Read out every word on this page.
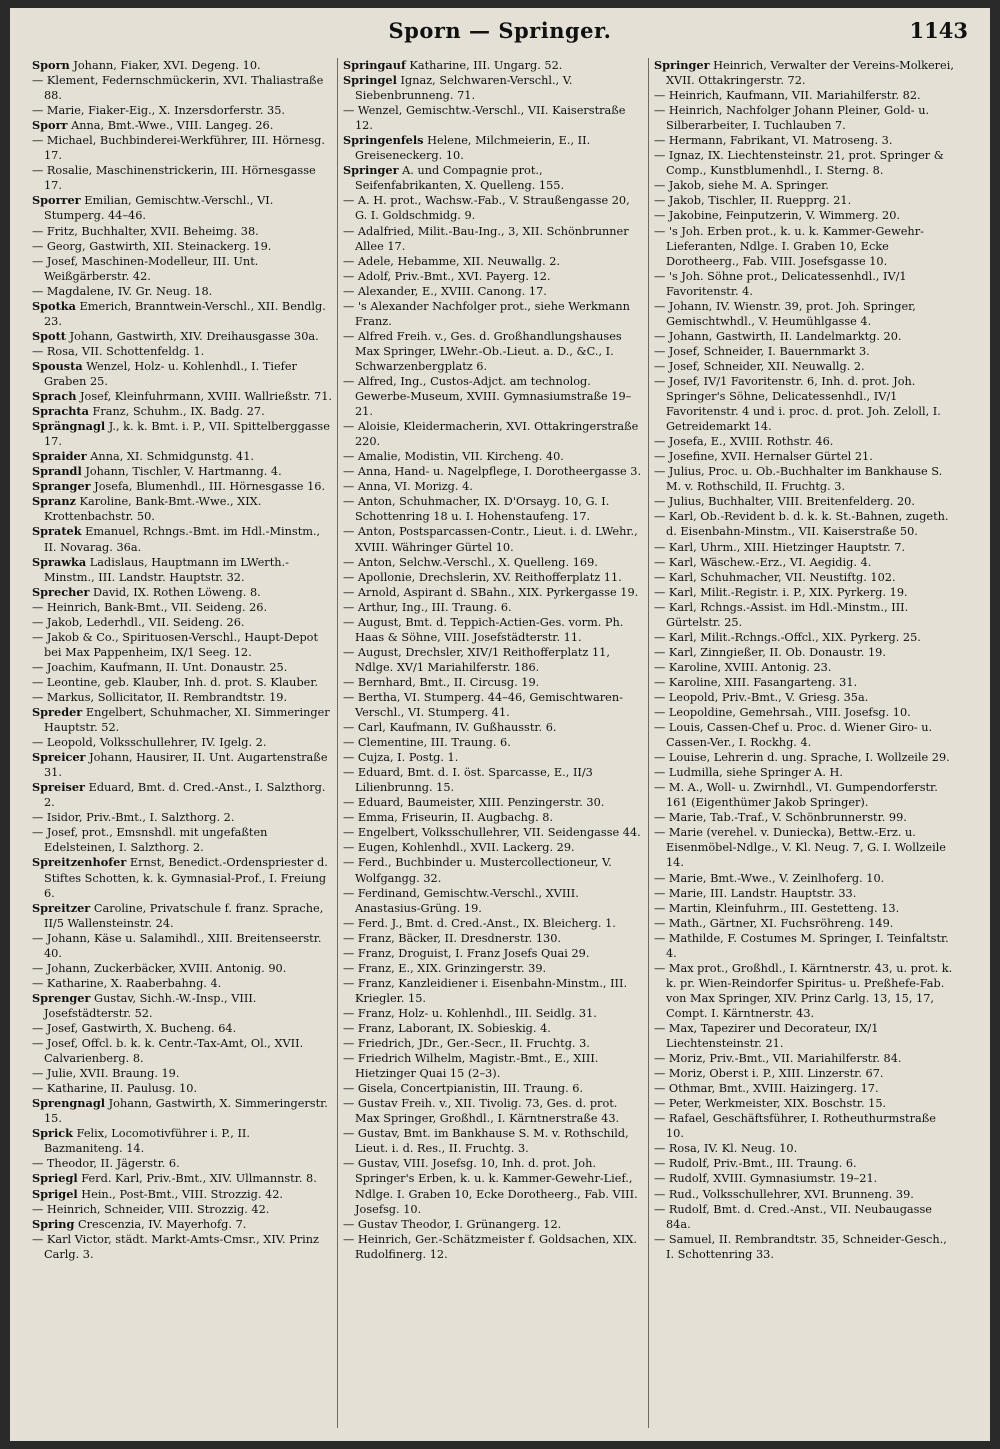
Sporn — Springer.	1143

Sporn Johann, Fiaker, XVI. Degeng. 10.

— Klement, Federnschmückerin, XVI. Thaliastraße 88.

— Marie, Fiaker-Eig., X. Inzersdorferstr. 35.

Sporr Anna, Bmt.-Wwe., VIII. Langeg. 26.

— Michael, Buchbinderei-Werkführer, III. Hörnesg. 17.

— Rosalie, Maschinenstrickerin, III. Hörnesgasse 17.

Sporrer Emilian, Gemischtw.-Verschl., VI. Stumperg. 44–46.

— Fritz, Buchhalter, XVII. Beheimg. 38.

— Georg, Gastwirth, XII. Steinackerg. 19.

— Josef, Maschinen-Modelleur, III. Unt. Weißgärberstr. 42.

— Magdalene, IV. Gr. Neug. 18.

Spotka Emerich, Branntwein-Verschl., XII. Bendlg. 23.

Spott Johann, Gastwirth, XIV. Dreihausgasse 30a.

— Rosa, VII. Schottenfeldg. 1.

Spousta Wenzel, Holz- u. Kohlenhdl., I. Tiefer Graben 25.

Sprach Josef, Kleinfuhrmann, XVIII. Wallrießstr. 71.

Sprachta Franz, Schuhm., IX. Badg. 27.

Sprängnagl J., k. k. Bmt. i. P., VII. Spittelberggasse 17.

Spraider Anna, XI. Schmidgunstg. 41.

Sprandl Johann, Tischler, V. Hartmanng. 4.

Spranger Josefa, Blumenhdl., III. Hörnesgasse 16.

Spranz Karoline, Bank-Bmt.-Wwe., XIX. Krottenbachstr. 50.

Spratek Emanuel, Rchngs.-Bmt. im Hdl.-Minstm., II. Novarag. 36a.

Sprawka Ladislaus, Hauptmann im LWerth.-Minstm., III. Landstr. Hauptstr. 32.

Sprecher David, IX. Rothen Löweng. 8.

— Heinrich, Bank-Bmt., VII. Seideng. 26.

— Jakob, Lederhdl., VII. Seideng. 26.

— Jakob & Co., Spirituosen-Verschl., Haupt-Depot bei Max Pappenheim, IX/1 Seeg. 12.

— Joachim, Kaufmann, II. Unt. Donaustr. 25.

— Leontine, geb. Klauber, Inh. d. prot. S. Klauber.

— Markus, Sollicitator, II. Rembrandtstr. 19.

Spreder Engelbert, Schuhmacher, XI. Simmeringer Hauptstr. 52.

— Leopold, Volksschullehrer, IV. Igelg. 2.

Spreicer Johann, Hausirer, II. Unt. Augartenstraße 31.

Spreiser Eduard, Bmt. d. Cred.-Anst., I. Salzthorg. 2.

— Isidor, Priv.-Bmt., I. Salzthorg. 2.

— Josef, prot., Emsnshdl. mit ungefaßten Edelsteinen, I. Salzthorg. 2.

Spreitzenhofer Ernst, Benedict.-Ordenspriester d. Stiftes Schotten, k. k. Gymnasial-Prof., I. Freiung 6.

Spreitzer Caroline, Privatschule f. franz. Sprache, II/5 Wallensteinstr. 24.

— Johann, Käse u. Salamihdl., XIII. Breitenseerstr. 40.

— Johann, Zuckerbäcker, XVIII. Antonig. 90.

— Katharine, X. Raaberbahng. 4.

Sprenger Gustav, Sichh.-W.-Insp., VIII. Josefstädterstr. 52.

— Josef, Gastwirth, X. Bucheng. 64.

— Josef, Offcl. b. k. k. Centr.-Tax-Amt, Ol., XVII. Calvarienberg. 8.

— Julie, XVII. Braung. 19.

— Katharine, II. Paulusg. 10.

Sprengnagl Johann, Gastwirth, X. Simmeringerstr. 15.

Sprick Felix, Locomotivführer i. P., II. Bazmaniteng. 14.

— Theodor, II. Jägerstr. 6.

Spriegl Ferd. Karl, Priv.-Bmt., XIV. Ullmannstr. 8.

Sprigel Hein., Post-Bmt., VIII. Strozzig. 42.

— Heinrich, Schneider, VIII. Strozzig. 42.

Spring Crescenzia, IV. Mayerhofg. 7.

— Karl Victor, städt. Markt-Amts-Cmsr., XIV. Prinz Carlg. 3.

Springauf Katharine, III. Ungarg. 52.

Springel Ignaz, Selchwaren-Verschl., V. Siebenbrunneng. 71.

— Wenzel, Gemischtw.-Verschl., VII. Kaiserstraße 12.

Springenfels Helene, Milchmeierin, E., II. Greiseneckerg. 10.

Springer A. und Compagnie prot., Seifenfabrikanten, X. Quelleng. 155.

— A. H. prot., Wachsw.-Fab., V. Straußengasse 20, G. I. Goldschmidg. 9.

— Adalfried, Milit.-Bau-Ing., 3, XII. Schönbrunner Allee 17.

— Adele, Hebamme, XII. Neuwallg. 2.

— Adolf, Priv.-Bmt., XVI. Payerg. 12.

— Alexander, E., XVIII. Canong. 17.

— 's Alexander Nachfolger prot., siehe Werkmann Franz.

— Alfred Freih. v., Ges. d. Großhandlungshauses Max Springer, LWehr.-Ob.-Lieut. a. D., &C., I. Schwarzenbergplatz 6.

— Alfred, Ing., Custos-Adjct. am technolog. Gewerbe-Museum, XVIII. Gymnasiumstraße 19–21.

— Aloisie, Kleidermacherin, XVI. Ottakringerstraße 220.

— Amalie, Modistin, VII. Kircheng. 40.

— Anna, Hand- u. Nagelpflege, I. Dorotheergasse 3.

— Anna, VI. Morizg. 4.

— Anton, Schuhmacher, IX. D'Orsayg. 10, G. I. Schottenring 18 u. I. Hohenstaufeng. 17.

— Anton, Postsparcassen-Contr., Lieut. i. d. LWehr., XVIII. Währinger Gürtel 10.

— Anton, Selchw.-Verschl., X. Quelleng. 169.

— Apollonie, Drechslerin, XV. Reithofferplatz 11.

— Arnold, Aspirant d. SBahn., XIX. Pyrkergasse 19.

— Arthur, Ing., III. Traung. 6.

— August, Bmt. d. Teppich-Actien-Ges. vorm. Ph. Haas & Söhne, VIII. Josefstädterstr. 11.

— August, Drechsler, XIV/1 Reithofferplatz 11, Ndlge. XV/1 Mariahilferstr. 186.

— Bernhard, Bmt., II. Circusg. 19.

— Bertha, VI. Stumperg. 44–46, Gemischtwaren-Verschl., VI. Stumperg. 41.

— Carl, Kaufmann, IV. Gußhausstr. 6.

— Clementine, III. Traung. 6.

— Cujza, I. Postg. 1.

— Eduard, Bmt. d. I. öst. Sparcasse, E., II/3 Lilienbrunng. 15.

— Eduard, Baumeister, XIII. Penzingerstr. 30.

— Emma, Friseurin, II. Augbachg. 8.

— Engelbert, Volksschullehrer, VII. Seidengasse 44.

— Eugen, Kohlenhdl., XVII. Lackerg. 29.

— Ferd., Buchbinder u. Mustercollectioneur, V. Wolfgangg. 32.

— Ferdinand, Gemischtw.-Verschl., XVIII. Anastasius-Grüng. 19.

— Ferd. J., Bmt. d. Cred.-Anst., IX. Bleicherg. 1.

— Franz, Bäcker, II. Dresdnerstr. 130.

— Franz, Droguist, I. Franz Josefs Quai 29.

— Franz, E., XIX. Grinzingerstr. 39.

— Franz, Kanzleidiener i. Eisenbahn-Minstm., III. Kriegler. 15.

— Franz, Holz- u. Kohlenhdl., III. Seidlg. 31.

— Franz, Laborant, IX. Sobieskig. 4.

— Friedrich, JDr., Ger.-Secr., II. Fruchtg. 3.

— Friedrich Wilhelm, Magistr.-Bmt., E., XIII. Hietzinger Quai 15 (2–3).

— Gisela, Concertpianistin, III. Traung. 6.

— Gustav Freih. v., XII. Tivolig. 73, Ges. d. prot. Max Springer, Großhdl., I. Kärntnerstraße 43.

— Gustav, Bmt. im Bankhause S. M. v. Rothschild, Lieut. i. d. Res., II. Fruchtg. 3.

— Gustav, VIII. Josefsg. 10, Inh. d. prot. Joh. Springer's Erben, k. u. k. Kammer-Gewehr-Lief., Ndlge. I. Graben 10, Ecke Dorotheerg., Fab. VIII. Josefsg. 10.

— Gustav Theodor, I. Grünangerg. 12.

— Heinrich, Ger.-Schätzmeister f. Goldsachen, XIX. Rudolfinerg. 12.

Springer Heinrich, Verwalter der Vereins-Molkerei, XVII. Ottakringerstr. 72.

— Heinrich, Kaufmann, VII. Mariahilferstr. 82.

— Heinrich, Nachfolger Johann Pleiner, Gold- u. Silberarbeiter, I. Tuchlauben 7.

— Hermann, Fabrikant, VI. Matroseng. 3.

— Ignaz, IX. Liechtensteinstr. 21, prot. Springer & Comp., Kunstblumenhdl., I. Sterng. 8.

— Jakob, siehe M. A. Springer.

— Jakob, Tischler, II. Ruepprg. 21.

— Jakobine, Feinputzerin, V. Wimmerg. 20.

— 's Joh. Erben prot., k. u. k. Kammer-Gewehr-Lieferanten, Ndlge. I. Graben 10, Ecke Dorotheerg., Fab. VIII. Josefsgasse 10.

— 's Joh. Söhne prot., Delicatessenhdl., IV/1 Favoritenstr. 4.

— Johann, IV. Wienstr. 39, prot. Joh. Springer, Gemischtwhdl., V. Heumühlgasse 4.

— Johann, Gastwirth, II. Landelmarktg. 20.

— Josef, Schneider, I. Bauernmarkt 3.

— Josef, Schneider, XII. Neuwallg. 2.

— Josef, IV/1 Favoritenstr. 6, Inh. d. prot. Joh. Springer's Söhne, Delicatessenhdl., IV/1 Favoritenstr. 4 und i. proc. d. prot. Joh. Zeloll, I. Getreidemarkt 14.

— Josefa, E., XVIII. Rothstr. 46.

— Josefine, XVII. Hernalser Gürtel 21.

— Julius, Proc. u. Ob.-Buchhalter im Bankhause S. M. v. Rothschild, II. Fruchtg. 3.

— Julius, Buchhalter, VIII. Breitenfelderg. 20.

— Karl, Ob.-Revident b. d. k. k. St.-Bahnen, zugeth. d. Eisenbahn-Minstm., VII. Kaiserstraße 50.

— Karl, Uhrm., XIII. Hietzinger Hauptstr. 7.

— Karl, Wäschew.-Erz., VI. Aegidig. 4.

— Karl, Schuhmacher, VII. Neustiftg. 102.

— Karl, Milit.-Registr. i. P., XIX. Pyrkerg. 19.

— Karl, Rchngs.-Assist. im Hdl.-Minstm., III. Gürtelstr. 25.

— Karl, Milit.-Rchngs.-Offcl., XIX. Pyrkerg. 25.

— Karl, Zinngießer, II. Ob. Donaustr. 19.

— Karoline, XVIII. Antonig. 23.

— Karoline, XIII. Fasangarteng. 31.

— Leopold, Priv.-Bmt., V. Griesg. 35a.

— Leopoldine, Gemehrsah., VIII. Josefsg. 10.

— Louis, Cassen-Chef u. Proc. d. Wiener Giro- u. Cassen-Ver., I. Rockhg. 4.

— Louise, Lehrerin d. ung. Sprache, I. Wollzeile 29.

— Ludmilla, siehe Springer A. H.

— M. A., Woll- u. Zwirnhdl., VI. Gumpendorferstr. 161 (Eigenthümer Jakob Springer).

— Marie, Tab.-Traf., V. Schönbrunnerstr. 99.

— Marie (verehel. v. Duniecka), Bettw.-Erz. u. Eisenmöbel-Ndlge., V. Kl. Neug. 7, G. I. Wollzeile 14.

— Marie, Bmt.-Wwe., V. Zeinlhoferg. 10.

— Marie, III. Landstr. Hauptstr. 33.

— Martin, Kleinfuhrm., III. Gestetteng. 13.

— Math., Gärtner, XI. Fuchsröhreng. 149.

— Mathilde, F. Costumes M. Springer, I. Teinfaltstr. 4.

— Max prot., Großhdl., I. Kärntnerstr. 43, u. prot. k. k. pr. Wien-Reindorfer Spiritus- u. Preßhefe-Fab. von Max Springer, XIV. Prinz Carlg. 13, 15, 17, Compt. I. Kärntnerstr. 43.

— Max, Tapezirer und Decorateur, IX/1 Liechtensteinstr. 21.

— Moriz, Priv.-Bmt., VII. Mariahilferstr. 84.

— Moriz, Oberst i. P., XIII. Linzerstr. 67.

— Othmar, Bmt., XVIII. Haizingerg. 17.

— Peter, Werkmeister, XIX. Boschstr. 15.

— Rafael, Geschäftsführer, I. Rotheuthurmstraße 10.

— Rosa, IV. Kl. Neug. 10.

— Rudolf, Priv.-Bmt., III. Traung. 6.

— Rudolf, XVIII. Gymnasiumstr. 19–21.

— Rud., Volksschullehrer, XVI. Brunneng. 39.

— Rudolf, Bmt. d. Cred.-Anst., VII. Neubaugasse 84a.

— Samuel, II. Rembrandtstr. 35, Schneider-Gesch., I. Schottenring 33.
